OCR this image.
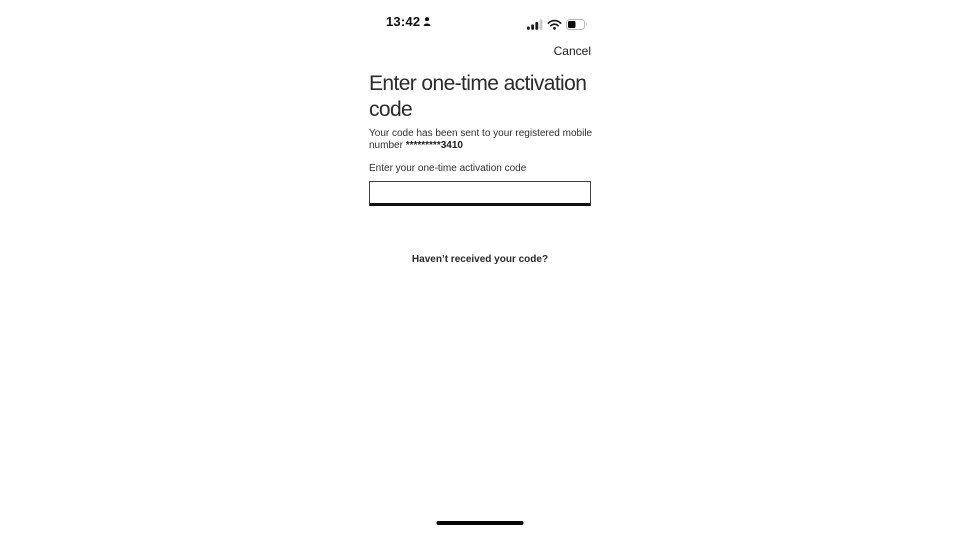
13:42
Cancel
Enter one-time activation
code

Your code has been sent to your registered mobile
number *********3410

Enter your one-time activation code
Haven’t received your code?
